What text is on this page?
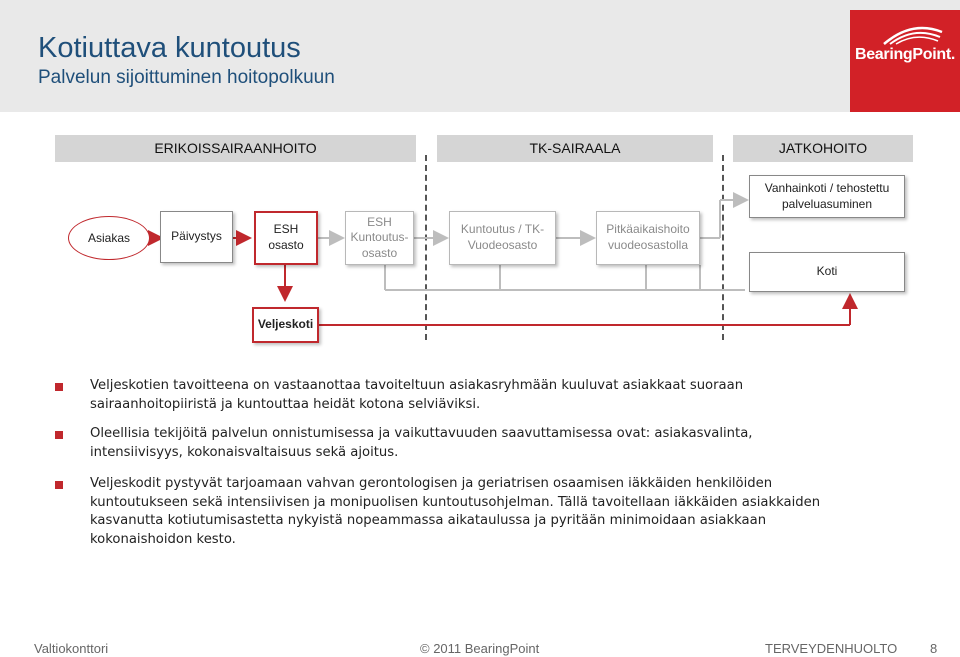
Kotiuttava kuntoutus
Palvelun sijoittuminen hoitopolkuun
BearingPoint.
ERIKOISSAIRAANHOITO	TK-SAIRAALA	JATKOHOITO
Asiakas	Päivystys	ESH
osasto
ESH
Kuntoutus-
osasto
Kuntoutus / TK-
Vuodeosasto
Pitkäaikaishoito
vuodeosastolla
Vanhainkoti / tehostettu
palveluasuminen
Koti
Veljeskoti
Veljeskotien tavoitteena on vastaanottaa tavoiteltuun asiakasryhmään kuuluvat asiakkaat suoraan
sairaanhoitopiiristä ja kuntouttaa heidät kotona selviäviksi.
Oleellisia tekijöitä palvelun onnistumisessa ja vaikuttavuuden saavuttamisessa ovat: asiakasvalinta,
intensiivisyys, kokonaisvaltaisuus sekä ajoitus.
Veljeskodit pystyvät tarjoamaan vahvan gerontologisen ja geriatrisen osaamisen iäkkäiden henkilöiden
kuntoutukseen sekä intensiivisen ja monipuolisen kuntoutusohjelman. Tällä tavoitellaan iäkkäiden asiakkaiden
kasvanutta kotiutumisastetta nykyistä nopeammassa aikataulussa ja pyritään minimoidaan asiakkaan
kokonaishoidon kesto.
Valtiokonttori	© 2011 BearingPoint	TERVEYDENHUOLTO	8
